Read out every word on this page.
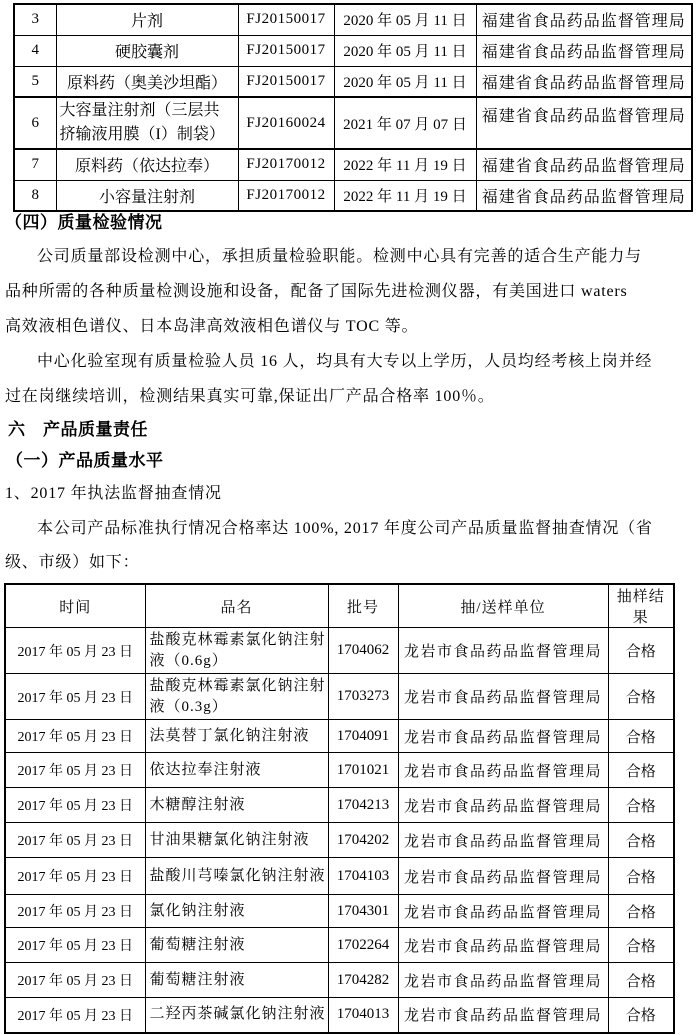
3	片剂	FJ20150017	2020 年 05 月 11 日	福建省食品药品监督管理局
4	硬胶囊剂	FJ20150017	2020 年 05 月 11 日	福建省食品药品监督管理局
5	原料药（奥美沙坦酯）	FJ20150017	2020 年 05 月 11 日	福建省食品药品监督管理局
6	大容量注射剂（三层共
挤输液用膜（I）制袋）	FJ20160024	2021 年 07 月 07 日	福建省食品药品监督管理局
7	原料药（依达拉奉）	FJ20170012	2022 年 11 月 19 日	福建省食品药品监督管理局
8	小容量注射剂	FJ20170012	2022 年 11 月 19 日	福建省食品药品监督管理局
（四）质量检验情况
公司质量部设检测中心，承担质量检验职能。检测中心具有完善的适合生产能力与
品种所需的各种质量检测设施和设备，配备了国际先进检测仪器，有美国进口 waters
高效液相色谱仪、日本岛津高效液相色谱仪与 TOC 等。
中心化验室现有质量检验人员 16 人，均具有大专以上学历，人员均经考核上岗并经
过在岗继续培训，检测结果真实可靠,保证出厂产品合格率 100％。
六　产品质量责任
（一）产品质量水平
1、2017 年执法监督抽查情况
本公司产品标准执行情况合格率达 100%, 2017 年度公司产品质量监督抽查情况（省
级、市级）如下：
时间	品名	批号	抽/送样单位	抽样结果
2017 年 05 月 23 日	盐酸克林霉素氯化钠注射液（0.6g）	1704062	龙岩市食品药品监督管理局	合格
2017 年 05 月 23 日	盐酸克林霉素氯化钠注射液（0.3g）	1703273	龙岩市食品药品监督管理局	合格
2017 年 05 月 23 日	法莫替丁氯化钠注射液	1704091	龙岩市食品药品监督管理局	合格
2017 年 05 月 23 日	依达拉奉注射液	1701021	龙岩市食品药品监督管理局	合格
2017 年 05 月 23 日	木糖醇注射液	1704213	龙岩市食品药品监督管理局	合格
2017 年 05 月 23 日	甘油果糖氯化钠注射液	1704202	龙岩市食品药品监督管理局	合格
2017 年 05 月 23 日	盐酸川芎嗪氯化钠注射液	1704103	龙岩市食品药品监督管理局	合格
2017 年 05 月 23 日	氯化钠注射液	1704301	龙岩市食品药品监督管理局	合格
2017 年 05 月 23 日	葡萄糖注射液	1702264	龙岩市食品药品监督管理局	合格
2017 年 05 月 23 日	葡萄糖注射液	1704282	龙岩市食品药品监督管理局	合格
2017 年 05 月 23 日	二羟丙茶碱氯化钠注射液	1704013	龙岩市食品药品监督管理局	合格
